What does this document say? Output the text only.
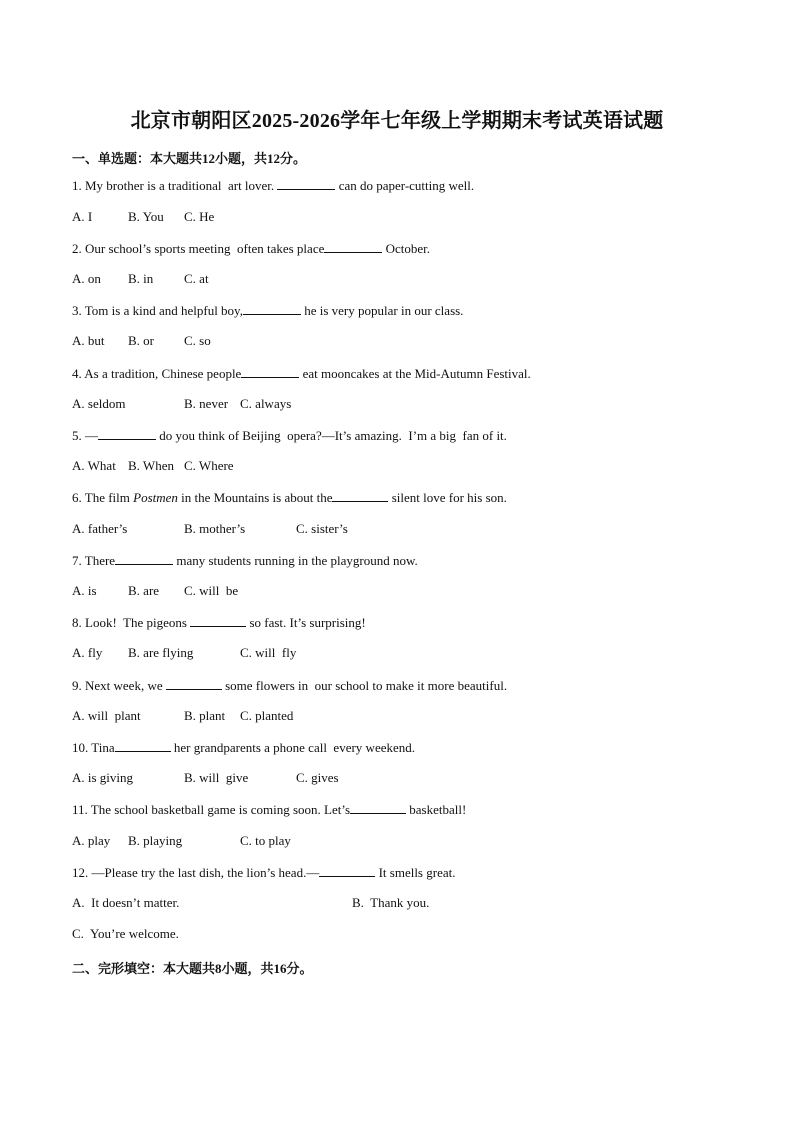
北京市朝阳区2025-2026学年七年级上学期期末考试英语试题
一、单选题：本大题共12小题，共12分。
1. My brother is a traditional  art lover.	can do paper-cutting well.
A. I	B. You C. He
2. Our school’s sports meeting  often takes place	October.
A. on B. in C. at
3. Tom is a kind and helpful boy,	he is very popular in our class.
A. but B. or C. so
4. As a tradition, Chinese people	eat mooncakes at the Mid-Autumn Festival.
A. seldom	B. never C. always
5. —	do you think of Beijing  opera?—It’s amazing.  I’m a big  fan of it.
A. What B. When C. Where
6. The film Postmen in the Mountains is about the	silent love for his son.
A. father’s	B. mother’s	C. sister’s
7. There	many students running in the playground now.
A. is B. are C. will  be
8. Look!  The pigeons	so fast. It’s surprising!
A. fly B. are flying	C. will  fly
9. Next week, we	some flowers in  our school to make it more beautiful.
A. will  plant	B. plant C. planted
10. Tina	her grandparents a phone call  every weekend.
A. is giving	B. will  give	C. gives
11. The school basketball game is coming soon. Let’s	basketball!
A. play B. playing	C. to play
12. —Please try the last dish, the lion’s head.—	It smells great.
A.  It doesn’t matter.	B.  Thank you.
C.  You’re welcome.
二、完形填空：本大题共8小题，共16分。
